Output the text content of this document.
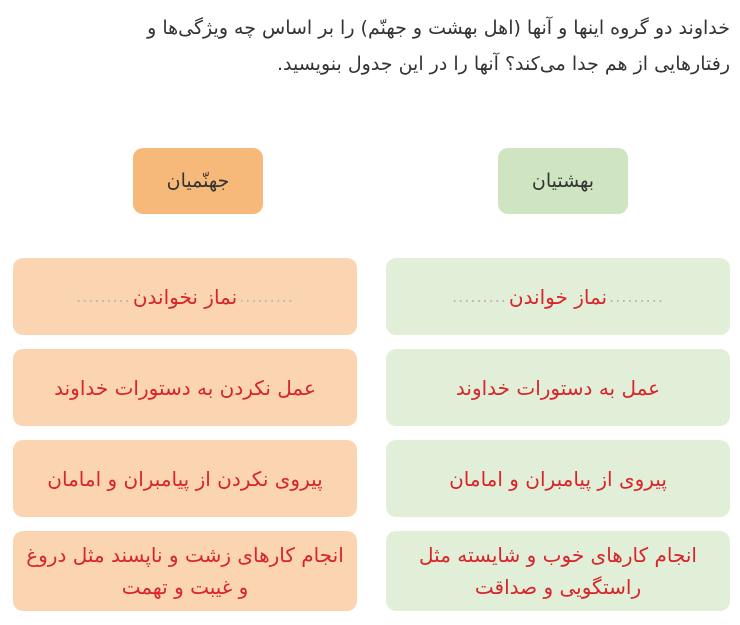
خداوند دو گروه اینها و آنها (اهل بهشت و جهنّم) را بر اساس چه ویژگی‌ها و
رفتارهایی از هم جدا می‌کند؟ آنها را در این جدول بنویسید.
بهشتیان
جهنّمیان
.........
نماز خواندن
.........
عمل به دستورات خداوند
پیروی از پیامبران و امامان
انجام کارهای خوب و شایسته مثل راستگویی و صداقت
.........
نماز نخواندن
.........
عمل نکردن به دستورات خداوند
پیروی نکردن از پیامبران و امامان
انجام کارهای زشت و ناپسند مثل دروغ و غیبت و تهمت
